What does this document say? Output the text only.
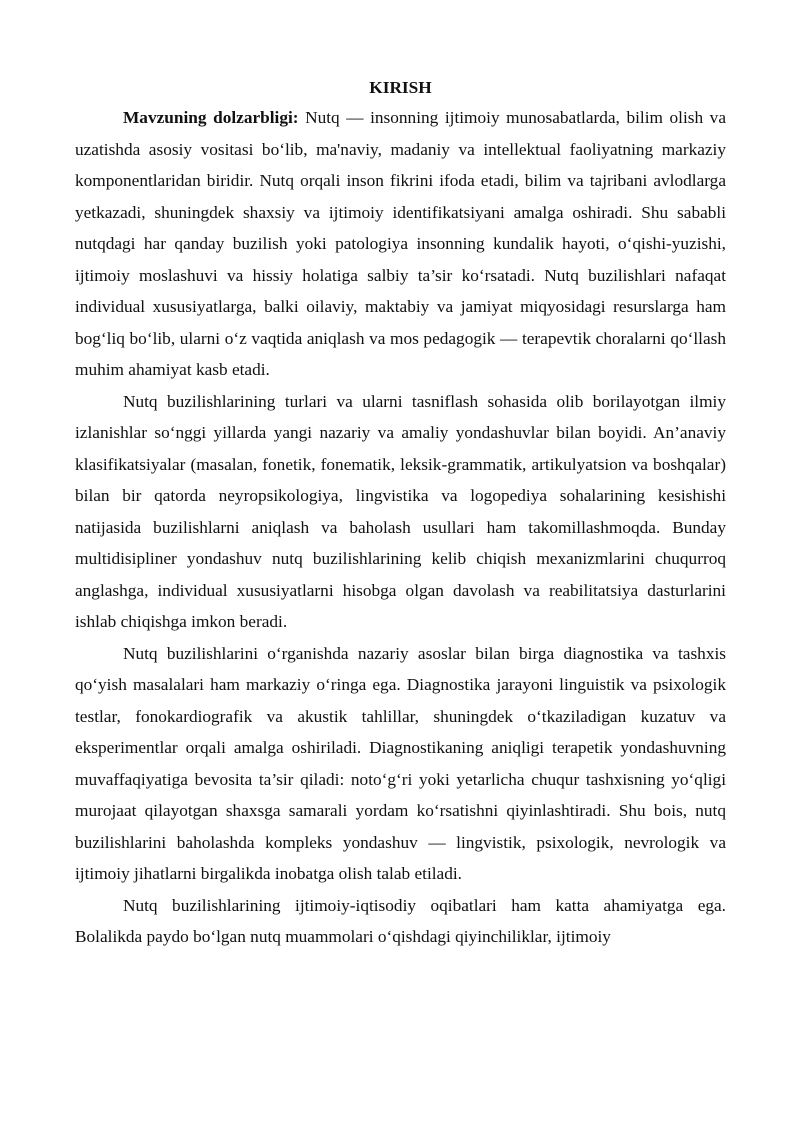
KIRISH

Mavzuning dolzarbligi: Nutq — insonning ijtimoiy munosabatlarda, bilim olish va uzatishda asosiy vositasi bo‘lib, ma'naviy, madaniy va intellektual faoliyatning markaziy komponentlaridan biridir. Nutq orqali inson fikrini ifoda etadi, bilim va tajribani avlodlarga yetkazadi, shuningdek shaxsiy va ijtimoiy identifikatsiyani amalga oshiradi. Shu sababli nutqdagi har qanday buzilish yoki patologiya insonning kundalik hayoti, o‘qishi-yuzishi, ijtimoiy moslashuvi va hissiy holatiga salbiy ta’sir ko‘rsatadi. Nutq buzilishlari nafaqat individual xususiyatlarga, balki oilaviy, maktabiy va jamiyat miqyosidagi resurslarga ham bog‘liq bo‘lib, ularni o‘z vaqtida aniqlash va mos pedagogik — terapevtik choralarni qo‘llash muhim ahamiyat kasb etadi.

Nutq buzilishlarining turlari va ularni tasniflash sohasida olib borilayotgan ilmiy izlanishlar so‘nggi yillarda yangi nazariy va amaliy yondashuvlar bilan boyidi. An’anaviy klasifikatsiyalar (masalan, fonetik, fonematik, leksik-grammatik, artikulyatsion va boshqalar) bilan bir qatorda neyropsikologiya, lingvistika va logopediya sohalarining kesishishi natijasida buzilishlarni aniqlash va baholash usullari ham takomillashmoqda. Bunday multidisipliner yondashuv nutq buzilishlarining kelib chiqish mexanizmlarini chuqurroq anglashga, individual xususiyatlarni hisobga olgan davolash va reabilitatsiya dasturlarini ishlab chiqishga imkon beradi.

Nutq buzilishlarini o‘rganishda nazariy asoslar bilan birga diagnostika va tashxis qo‘yish masalalari ham markaziy o‘ringa ega. Diagnostika jarayoni linguistik va psixologik testlar, fonokardiografik va akustik tahlillar, shuningdek o‘tkaziladigan kuzatuv va eksperimentlar orqali amalga oshiriladi. Diagnostikaning aniqligi terapetik yondashuvning muvaffaqiyatiga bevosita ta’sir qiladi: noto‘g‘ri yoki yetarlicha chuqur tashxisning yo‘qligi murojaat qilayotgan shaxsga samarali yordam ko‘rsatishni qiyinlashtiradi. Shu bois, nutq buzilishlarini baholashda kompleks yondashuv — lingvistik, psixologik, nevrologik va ijtimoiy jihatlarni birgalikda inobatga olish talab etiladi.

Nutq buzilishlarining ijtimoiy-iqtisodiy oqibatlari ham katta ahamiyatga ega. Bolalikda paydo bo‘lgan nutq muammolari o‘qishdagi qiyinchiliklar, ijtimoiy
